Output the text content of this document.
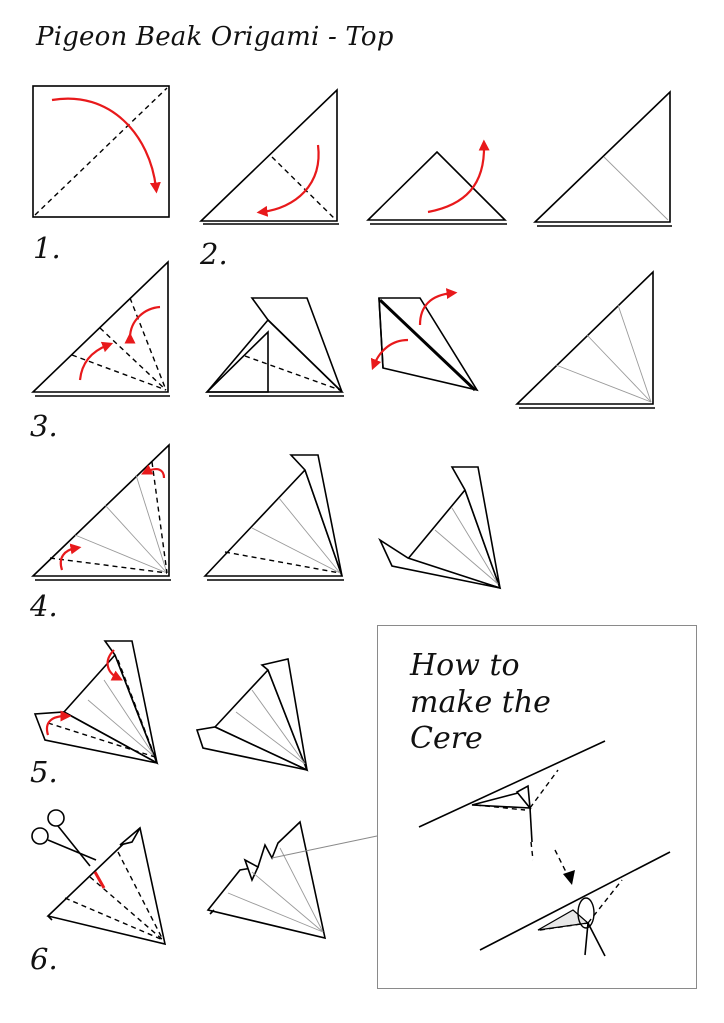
Pigeon Beak Origami - Top
1.	2.
3.
4.
5.
6.
How to
make the
Cere
